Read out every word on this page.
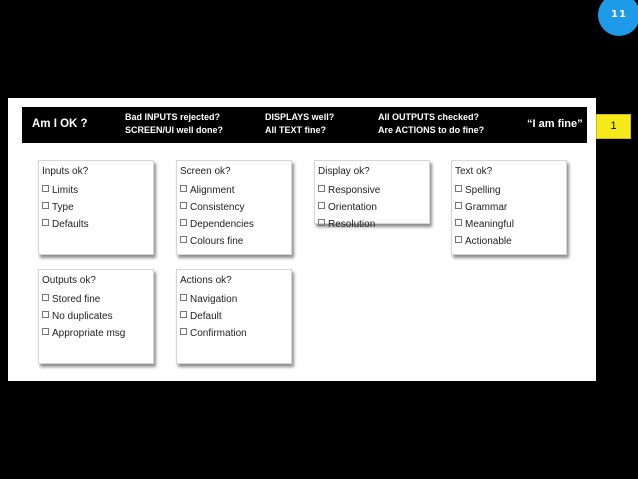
11
Am I OK ?
Bad INPUTS rejected?
SCREEN/UI well done?
DISPLAYS well?
All TEXT fine?
All OUTPUTS checked?
Are ACTIONS to do fine?	“I am fine”
Inputs ok?
Limits
Type
Defaults
Screen ok?
Alignment
Consistency
Dependencies
Colours fine
Display ok?
Responsive
Orientation
Resolution
Text ok?
Spelling
Grammar
Meaningful
Actionable
Outputs ok?
Stored fine
No duplicates
Appropriate msg
Actions ok?
Navigation
Default
Confirmation
1
